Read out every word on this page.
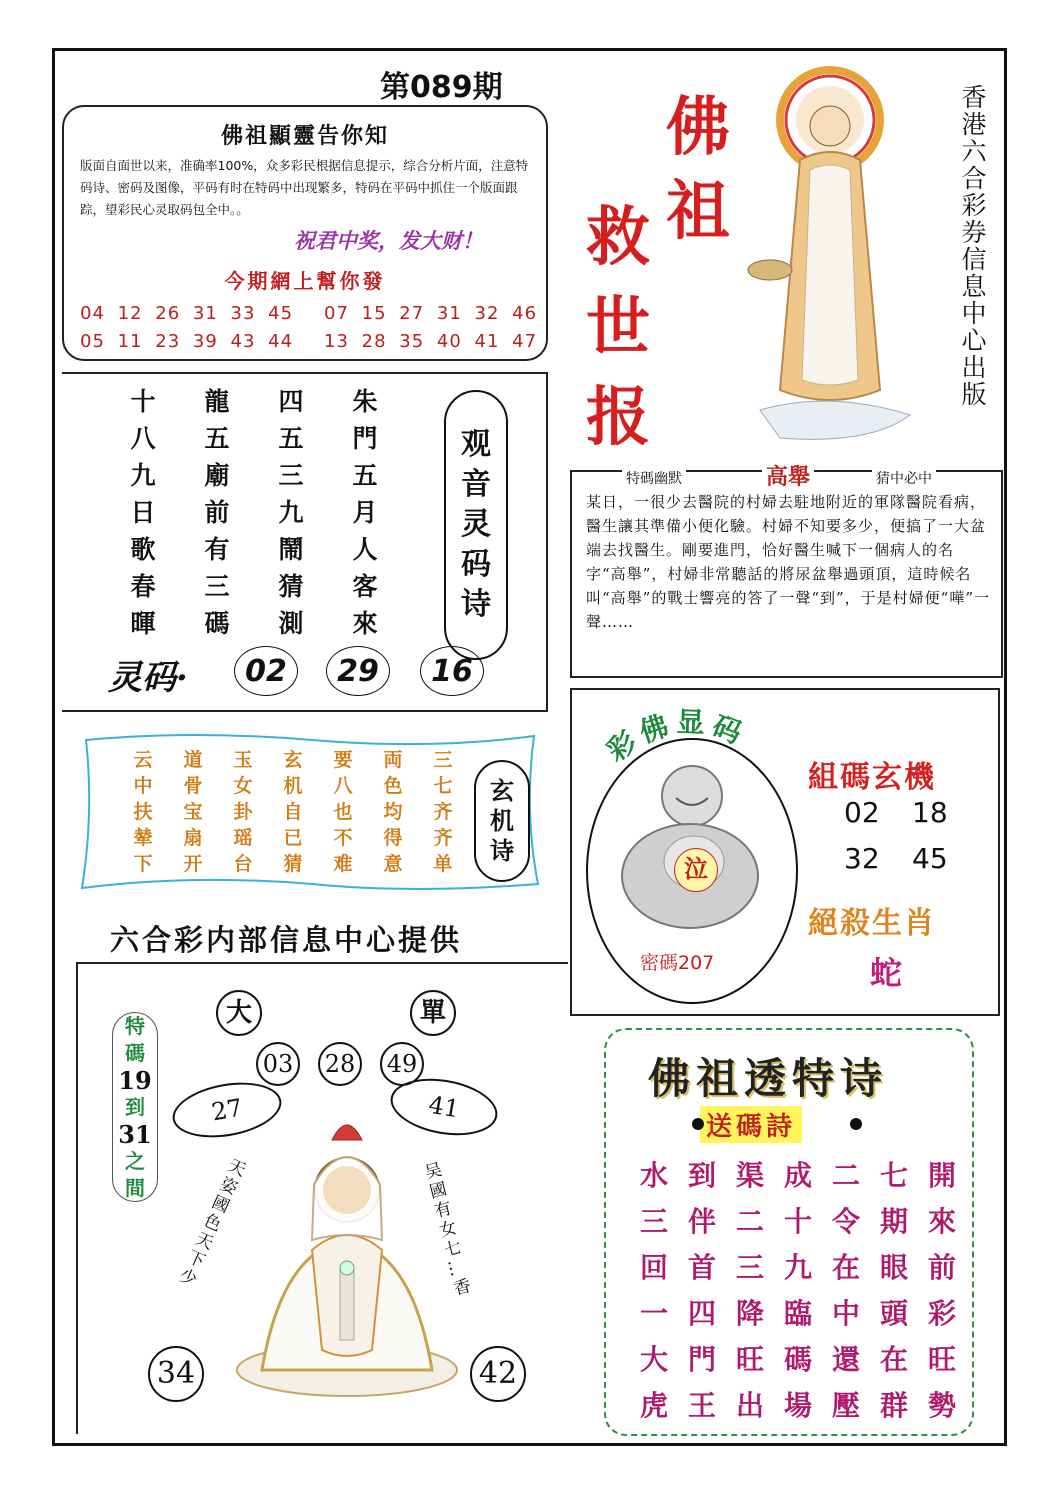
第089期
佛祖顯靈告你知
版面自面世以来，准确率100%，众多彩民根据信息提示，综合分析片面，注意特码诗、密码及图像，平码有时在特码中出现繁多，特码在平码中抓住一个版面跟踪，望彩民心灵取码包全中。。
祝君中奖，发大财！
今期網上幫你發
04 12 26 31 33 45 07 15 27 31 32 46
05 11 23 39 43 44 13 28 35 40 41 47
十	龍	四	朱
八	五	五	門
九	廟	三	五
日	前	九	月
歌	有	鬧	人
春	三	猜	客
暉	碼	測	來
观
音
灵
码
诗
灵码·	02	29	16
云	道	玉	玄	要	両	三
中	骨	女	机	八	色	七
扶	宝	卦	自	也	均	齐
辇	扇	瑶	已	不	得	齐
下	开	台	猜	难	意	单
玄
机
诗
六合彩内部信息中心提供
大	單
03 28 49
27	41
34	42
特
碼
19
到
31
之
間	天姿國色天下少	吴國有女七…香
佛
祖
救
世
报
香港六合彩券信息中心出版
特碼幽默	高舉	猜中必中
某日，一很少去醫院的村婦去駐地附近的軍隊醫院看病，醫生讓其準備小便化驗。村婦不知要多少，便搞了一大盆端去找醫生。剛要進門，恰好醫生喊下一個病人的名字“高舉”，村婦非常聽話的將尿盆舉過頭頂，這時候名叫“高舉”的戰士響亮的答了一聲“到”，于是村婦便“嘩”一聲……
彩佛显码
泣
密碼207
組碼玄機
02 18
32 45
絕殺生肖
蛇
佛祖透特诗
送碼詩
水 到 渠 成 二 七 開
三 伴 二 十 令 期 來
回 首 三 九 在 眼 前
一 四 降 臨 中 頭 彩
大 門 旺 碼 還 在 旺
虎 王 出 場 壓 群 勢
